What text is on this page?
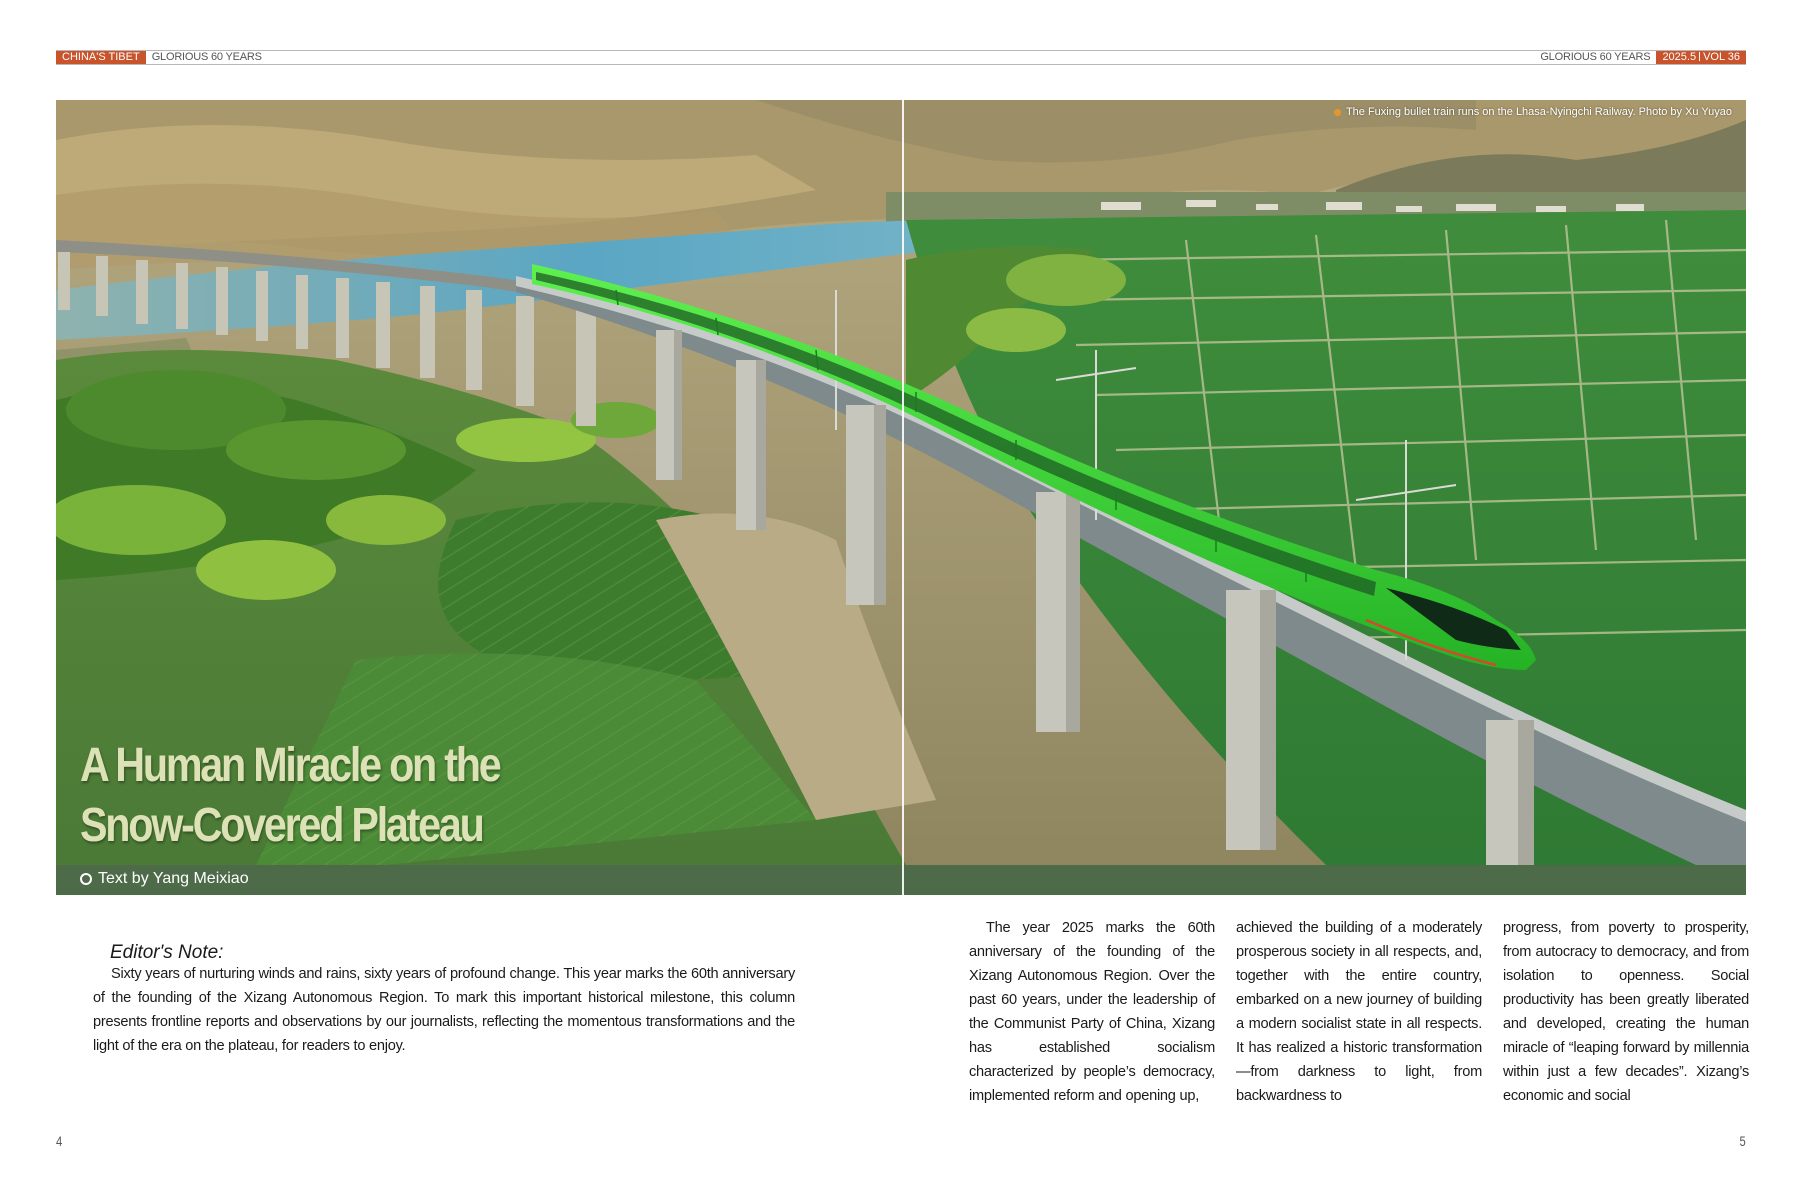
CHINA'S TIBET	GLORIOUS 60 YEARS	GLORIOUS 60 YEARS	2025.5 VOL 36
The Fuxing bullet train runs on the Lhasa-Nyingchi Railway. Photo by Xu Yuyao
A Human Miracle on the
Snow-Covered Plateau
Text by Yang Meixiao
Editor's Note:
Sixty years of nurturing winds and rains, sixty years of profound change. This year marks the 60th anniversary of the founding of the Xizang Autonomous Region. To mark this important historical milestone, this column presents frontline reports and observations by our journalists, reflecting the momentous transformations and the light of the era on the plateau, for readers to enjoy.
The year 2025 marks the 60th anniversary of the founding of the Xizang Autonomous Region. Over the past 60 years, under the leadership of the Communist Party of China, Xizang has established socialism characterized by people’s democracy, implemented reform and opening up,
achieved the building of a moderately prosperous society in all respects, and, together with the entire country, embarked on a new journey of building a modern socialist state in all respects. It has realized a historic transformation—from darkness to light, from backwardness to
progress, from poverty to prosperity, from autocracy to democracy, and from isolation to openness. Social productivity has been greatly liberated and developed, creating the human miracle of “leaping forward by millennia within just a few decades”. Xizang’s economic and social
4	5
